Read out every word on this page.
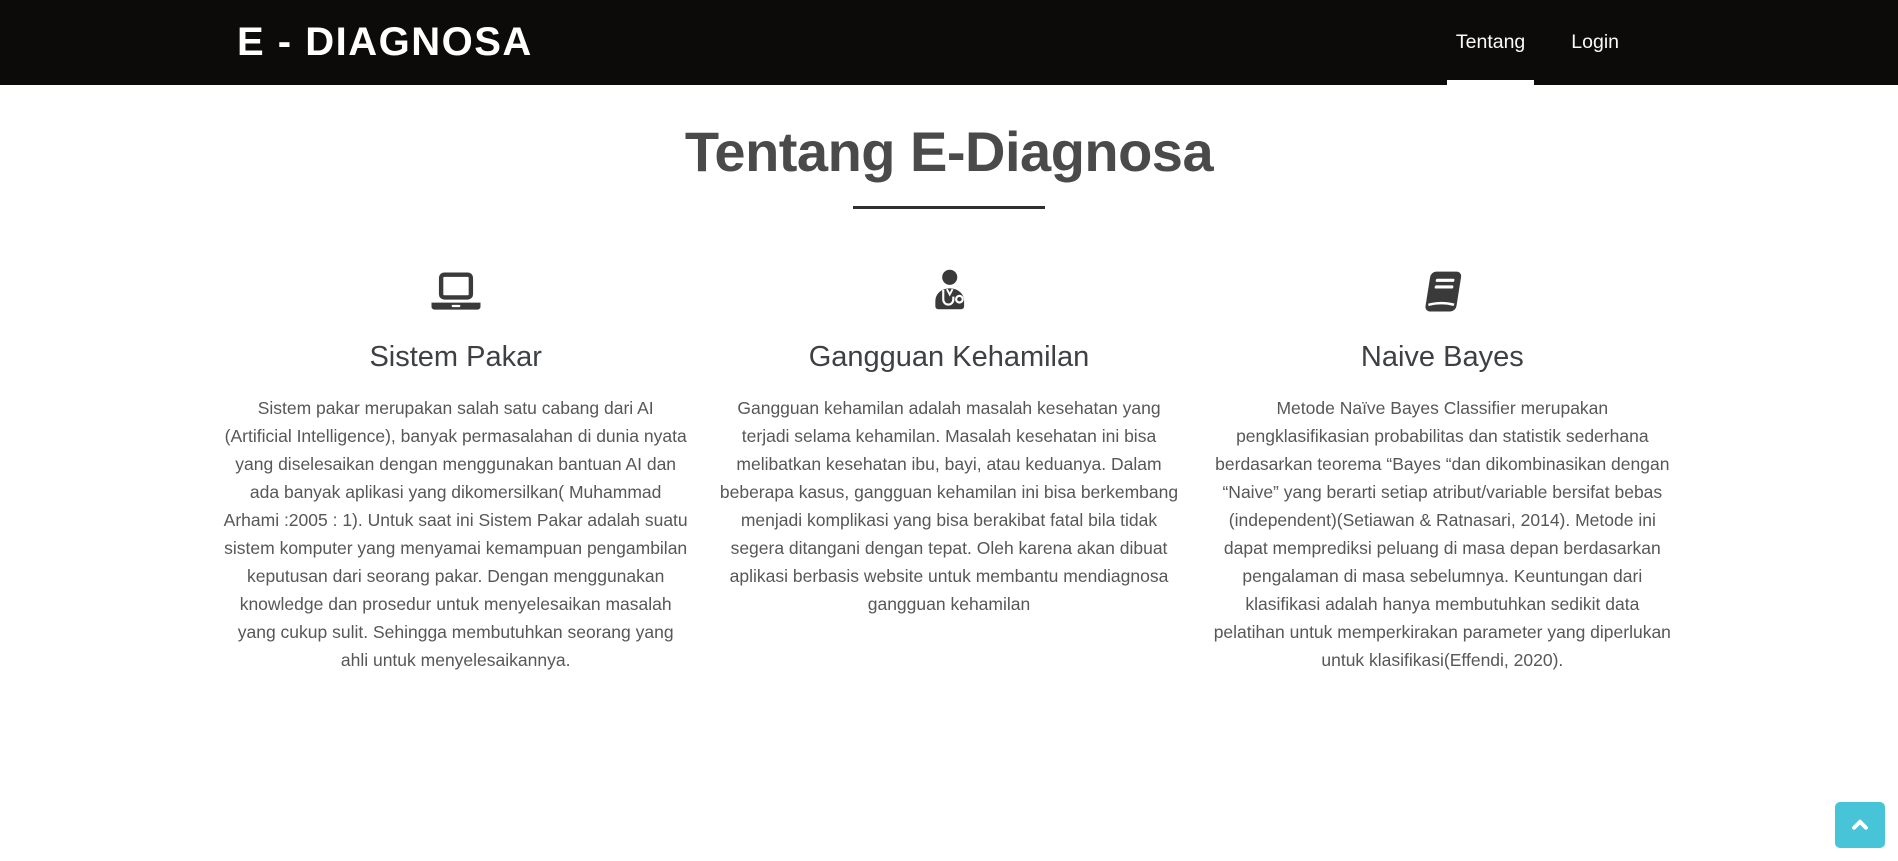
E - DIAGNOSA	Tentang	Login
Tentang E-Diagnosa
Sistem Pakar

Sistem pakar merupakan salah satu cabang dari AI (Artificial Intelligence), banyak permasalahan di dunia nyata yang diselesaikan dengan menggunakan bantuan AI dan ada banyak aplikasi yang dikomersilkan( Muhammad Arhami :2005 : 1). Untuk saat ini Sistem Pakar adalah suatu sistem komputer yang menyamai kemampuan pengambilan keputusan dari seorang pakar. Dengan menggunakan knowledge dan prosedur untuk menyelesaikan masalah yang cukup sulit. Sehingga membutuhkan seorang yang ahli untuk menyelesaikannya.

Gangguan Kehamilan

Gangguan kehamilan adalah masalah kesehatan yang terjadi selama kehamilan. Masalah kesehatan ini bisa melibatkan kesehatan ibu, bayi, atau keduanya. Dalam beberapa kasus, gangguan kehamilan ini bisa berkembang menjadi komplikasi yang bisa berakibat fatal bila tidak segera ditangani dengan tepat. Oleh karena akan dibuat aplikasi berbasis website untuk membantu mendiagnosa gangguan kehamilan

Naive Bayes

Metode Naïve Bayes Classifier merupakan pengklasifikasian probabilitas dan statistik sederhana berdasarkan teorema “Bayes “dan dikombinasikan dengan “Naive” yang berarti setiap atribut/variable bersifat bebas (independent)(Setiawan & Ratnasari, 2014). Metode ini dapat memprediksi peluang di masa depan berdasarkan pengalaman di masa sebelumnya. Keuntungan dari klasifikasi adalah hanya membutuhkan sedikit data pelatihan untuk memperkirakan parameter yang diperlukan untuk klasifikasi(Effendi, 2020).
